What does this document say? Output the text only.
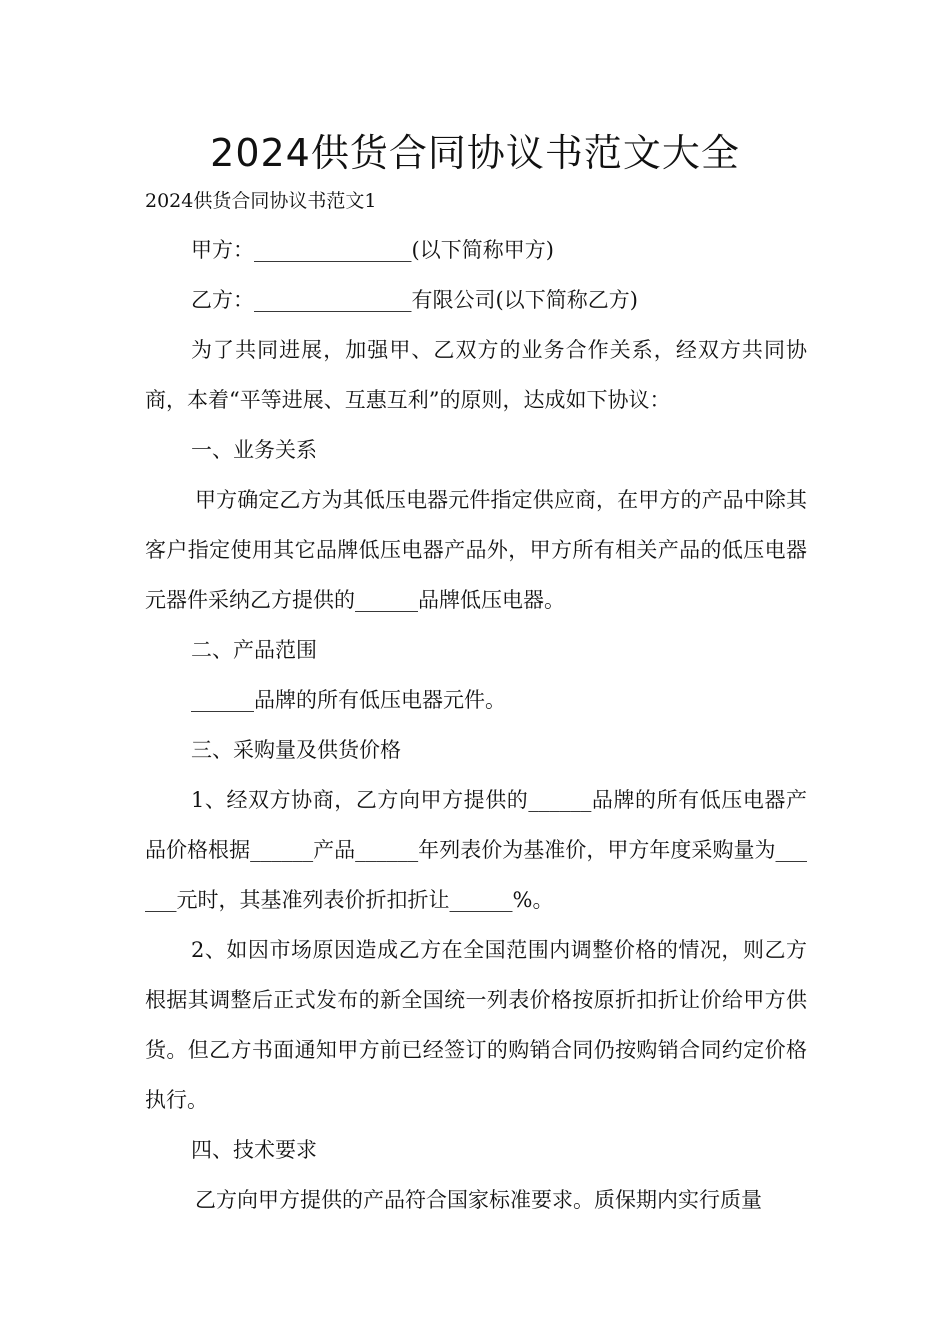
2024供货合同协议书范文大全

2024供货合同协议书范文1

甲方：_______________(以下简称甲方)

乙方：_______________有限公司(以下简称乙方)

为了共同进展，加强甲、乙双方的业务合作关系，经双方共同协商，本着“平等进展、互惠互利”的原则，达成如下协议：

一、业务关系

甲方确定乙方为其低压电器元件指定供应商，在甲方的产品中除其客户指定使用其它品牌低压电器产品外，甲方所有相关产品的低压电器元器件采纳乙方提供的______品牌低压电器。

二、产品范围

______品牌的所有低压电器元件。

三、采购量及供货价格

1、经双方协商，乙方向甲方提供的______品牌的所有低压电器产品价格根据______产品______年列表价为基准价，甲方年度采购量为______元时，其基准列表价折扣折让______%。

2、如因市场原因造成乙方在全国范围内调整价格的情况，则乙方根据其调整后正式发布的新全国统一列表价格按原折扣折让价给甲方供货。但乙方书面通知甲方前已经签订的购销合同仍按购销合同约定价格执行。

四、技术要求

乙方向甲方提供的产品符合国家标准要求。质保期内实行质量
